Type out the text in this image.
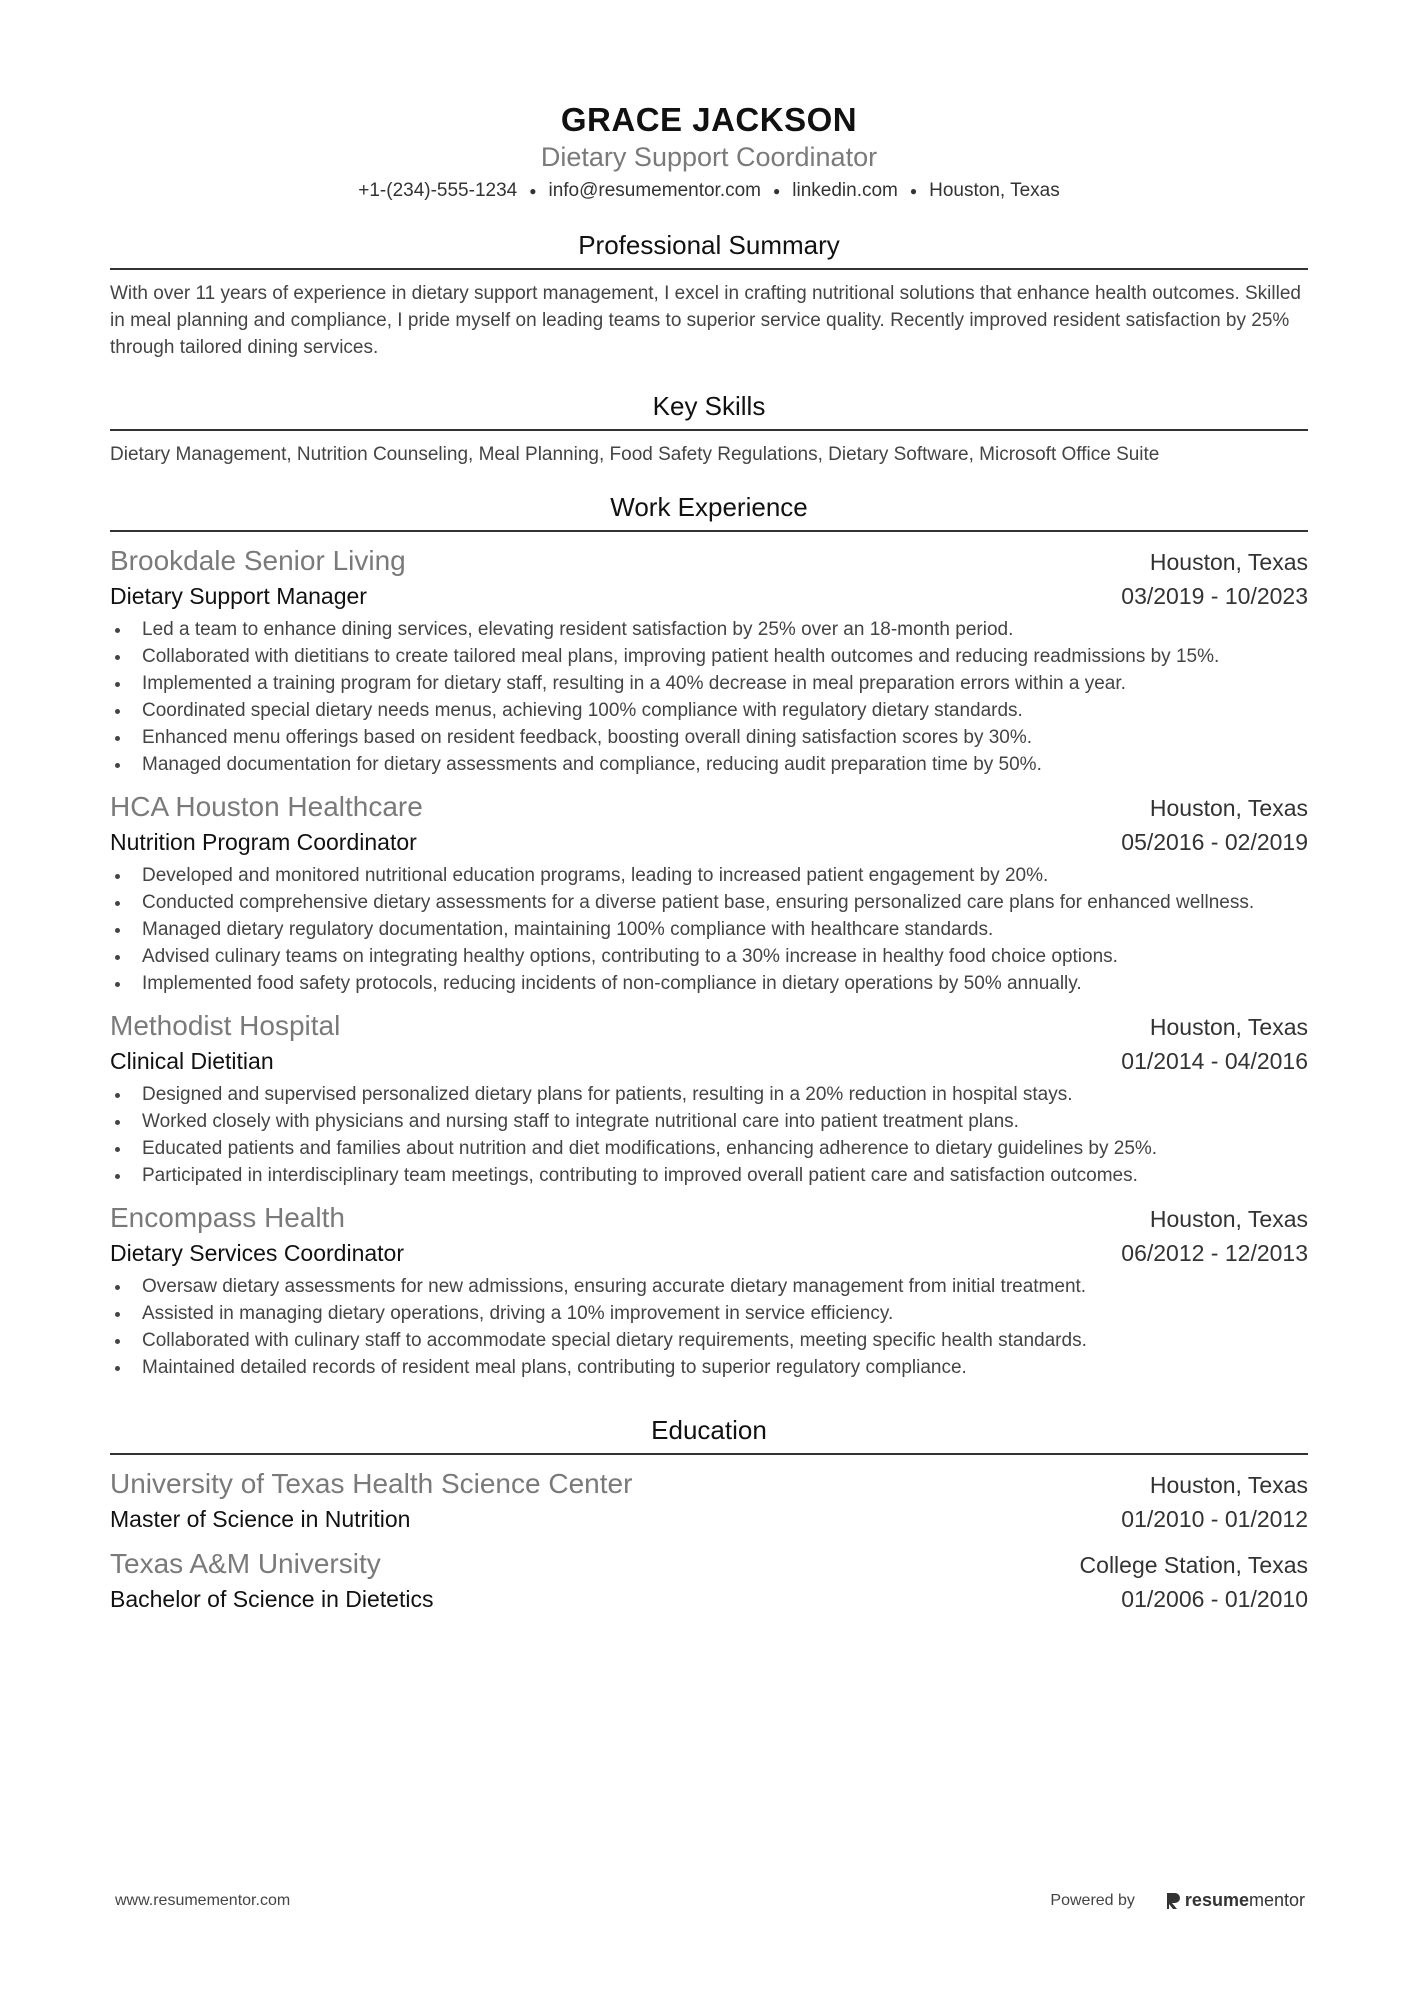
GRACE JACKSON
Dietary Support Coordinator
+1-(234)-555-1234 ● info@resumementor.com ● linkedin.com ● Houston, Texas
Professional Summary
With over 11 years of experience in dietary support management, I excel in crafting nutritional solutions that enhance health outcomes. Skilled in meal planning and compliance, I pride myself on leading teams to superior service quality. Recently improved resident satisfaction by 25% through tailored dining services.
Key Skills
Dietary Management, Nutrition Counseling, Meal Planning, Food Safety Regulations, Dietary Software, Microsoft Office Suite
Work Experience
Brookdale Senior Living	Houston, Texas
Dietary Support Manager	03/2019 - 10/2023
Led a team to enhance dining services, elevating resident satisfaction by 25% over an 18-month period.
Collaborated with dietitians to create tailored meal plans, improving patient health outcomes and reducing readmissions by 15%.
Implemented a training program for dietary staff, resulting in a 40% decrease in meal preparation errors within a year.
Coordinated special dietary needs menus, achieving 100% compliance with regulatory dietary standards.
Enhanced menu offerings based on resident feedback, boosting overall dining satisfaction scores by 30%.
Managed documentation for dietary assessments and compliance, reducing audit preparation time by 50%.
HCA Houston Healthcare	Houston, Texas
Nutrition Program Coordinator	05/2016 - 02/2019
Developed and monitored nutritional education programs, leading to increased patient engagement by 20%.
Conducted comprehensive dietary assessments for a diverse patient base, ensuring personalized care plans for enhanced wellness.
Managed dietary regulatory documentation, maintaining 100% compliance with healthcare standards.
Advised culinary teams on integrating healthy options, contributing to a 30% increase in healthy food choice options.
Implemented food safety protocols, reducing incidents of non-compliance in dietary operations by 50% annually.
Methodist Hospital	Houston, Texas
Clinical Dietitian	01/2014 - 04/2016
Designed and supervised personalized dietary plans for patients, resulting in a 20% reduction in hospital stays.
Worked closely with physicians and nursing staff to integrate nutritional care into patient treatment plans.
Educated patients and families about nutrition and diet modifications, enhancing adherence to dietary guidelines by 25%.
Participated in interdisciplinary team meetings, contributing to improved overall patient care and satisfaction outcomes.
Encompass Health	Houston, Texas
Dietary Services Coordinator	06/2012 - 12/2013
Oversaw dietary assessments for new admissions, ensuring accurate dietary management from initial treatment.
Assisted in managing dietary operations, driving a 10% improvement in service efficiency.
Collaborated with culinary staff to accommodate special dietary requirements, meeting specific health standards.
Maintained detailed records of resident meal plans, contributing to superior regulatory compliance.
Education
University of Texas Health Science Center	Houston, Texas
Master of Science in Nutrition	01/2010 - 01/2012
Texas A&M University	College Station, Texas
Bachelor of Science in Dietetics	01/2006 - 01/2010
www.resumementor.com	Powered by	resume mentor
